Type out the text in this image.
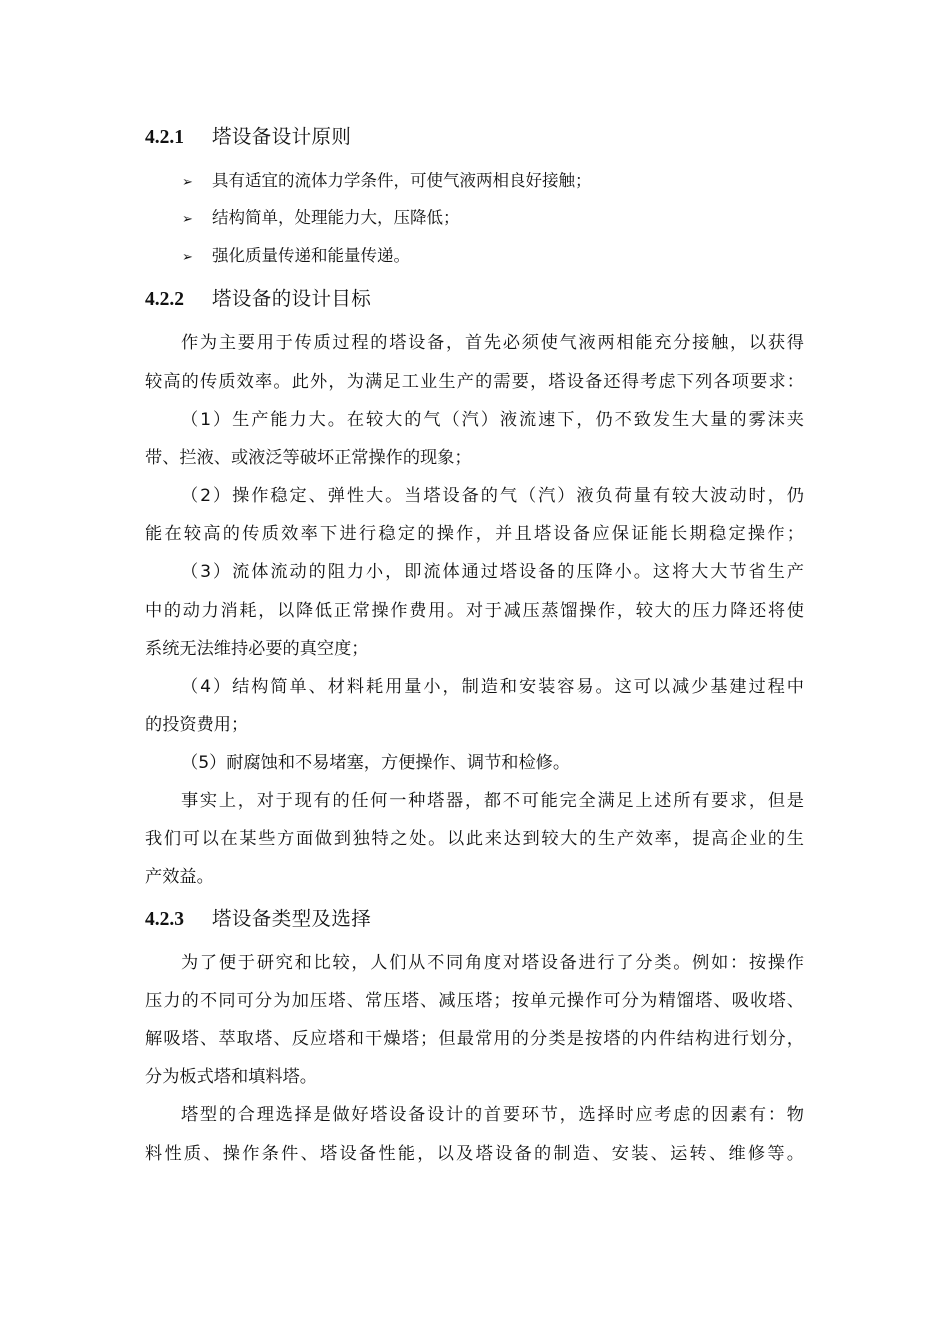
4.2.1 塔设备设计原则
➢ 具有适宜的流体力学条件，可使气液两相良好接触；
➢ 结构简单，处理能力大，压降低；
➢ 强化质量传递和能量传递。
4.2.2 塔设备的设计目标
作为主要用于传质过程的塔设备，首先必须使气液两相能充分接触，以获得
较高的传质效率。此外，为满足工业生产的需要，塔设备还得考虑下列各项要求：
（1）生产能力大。在较大的气（汽）液流速下，仍不致发生大量的雾沫夹
带、拦液、或液泛等破坏正常操作的现象；
（2）操作稳定、弹性大。当塔设备的气（汽）液负荷量有较大波动时，仍
能在较高的传质效率下进行稳定的操作，并且塔设备应保证能长期稳定操作；
（3）流体流动的阻力小，即流体通过塔设备的压降小。这将大大节省生产
中的动力消耗，以降低正常操作费用。对于减压蒸馏操作，较大的压力降还将使
系统无法维持必要的真空度；
（4）结构简单、材料耗用量小，制造和安装容易。这可以减少基建过程中
的投资费用；
（5）耐腐蚀和不易堵塞，方便操作、调节和检修。
事实上，对于现有的任何一种塔器，都不可能完全满足上述所有要求，但是
我们可以在某些方面做到独特之处。以此来达到较大的生产效率，提高企业的生
产效益。
4.2.3 塔设备类型及选择
为了便于研究和比较，人们从不同角度对塔设备进行了分类。例如：按操作
压力的不同可分为加压塔、常压塔、减压塔；按单元操作可分为精馏塔、吸收塔、
解吸塔、萃取塔、反应塔和干燥塔；但最常用的分类是按塔的内件结构进行划分，
分为板式塔和填料塔。
塔型的合理选择是做好塔设备设计的首要环节，选择时应考虑的因素有：物
料性质、操作条件、塔设备性能，以及塔设备的制造、安装、运转、维修等。
